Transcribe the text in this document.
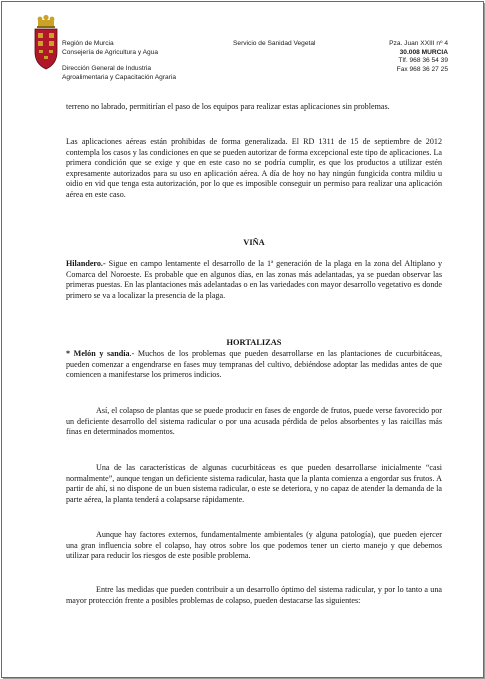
Región de Murcia
Consejería de Agricultura y Agua
Dirección General de Industria
Agroalimentaria y Capacitación Agraria
Servicio de Sanidad Vegetal	Pza. Juan XXIII nº 4
30.008 MURCIA
Tlf. 968 36 54 39
Fax 968 36 27 25
terreno no labrado, permitirían el paso de los equipos para realizar estas aplicaciones sin problemas.
Las aplicaciones aéreas están prohibidas de forma generalizada. El RD 1311 de 15 de septiembre de 2012 contempla los casos y las condiciones en que se pueden autorizar de forma excepcional este tipo de aplicaciones. La primera condición que se exige y que en este caso no se podría cumplir, es que los productos a utilizar estén expresamente autorizados para su uso en aplicación aérea. A día de hoy no hay ningún fungicida contra mildiu u oidio en vid que tenga esta autorización, por lo que es imposible conseguir un permiso para realizar una aplicación aérea en este caso.
VIÑA
Hilandero.- Sigue en campo lentamente el desarrollo de la 1ª generación de la plaga en la zona del Altiplano y Comarca del Noroeste. Es probable que en algunos días, en las zonas más adelantadas, ya se puedan observar las primeras puestas. En las plantaciones más adelantadas o en las variedades con mayor desarrollo vegetativo es donde primero se va a localizar la presencia de la plaga.
HORTALIZAS
* Melón y sandía.- Muchos de los problemas que pueden desarrollarse en las plantaciones de cucurbitáceas, pueden comenzar a engendrarse en fases muy tempranas del cultivo, debiéndose adoptar las medidas antes de que comiencen a manifestarse los primeros indicios.
Así, el colapso de plantas que se puede producir en fases de engorde de frutos, puede verse favorecido por un deficiente desarrollo del sistema radicular o por una acusada pérdida de pelos absorbentes y las raicillas más finas en determinados momentos.
Una de las características de algunas cucurbitáceas es que pueden desarrollarse inicialmente “casi normalmente”, aunque tengan un deficiente sistema radicular, hasta que la planta comienza a engordar sus frutos. A partir de ahí, si no dispone de un buen sistema radicular, o este se deteriora, y no capaz de atender la demanda de la parte aérea, la planta tenderá a colapsarse rápidamente.
Aunque hay factores externos, fundamentalmente ambientales (y alguna patología), que pueden ejercer una gran influencia sobre el colapso, hay otros sobre los que podemos tener un cierto manejo y que debemos utilizar para reducir los riesgos de este posible problema.
Entre las medidas que pueden contribuir a un desarrollo óptimo del sistema radicular, y por lo tanto a una mayor protección frente a posibles problemas de colapso, pueden destacarse las siguientes:
